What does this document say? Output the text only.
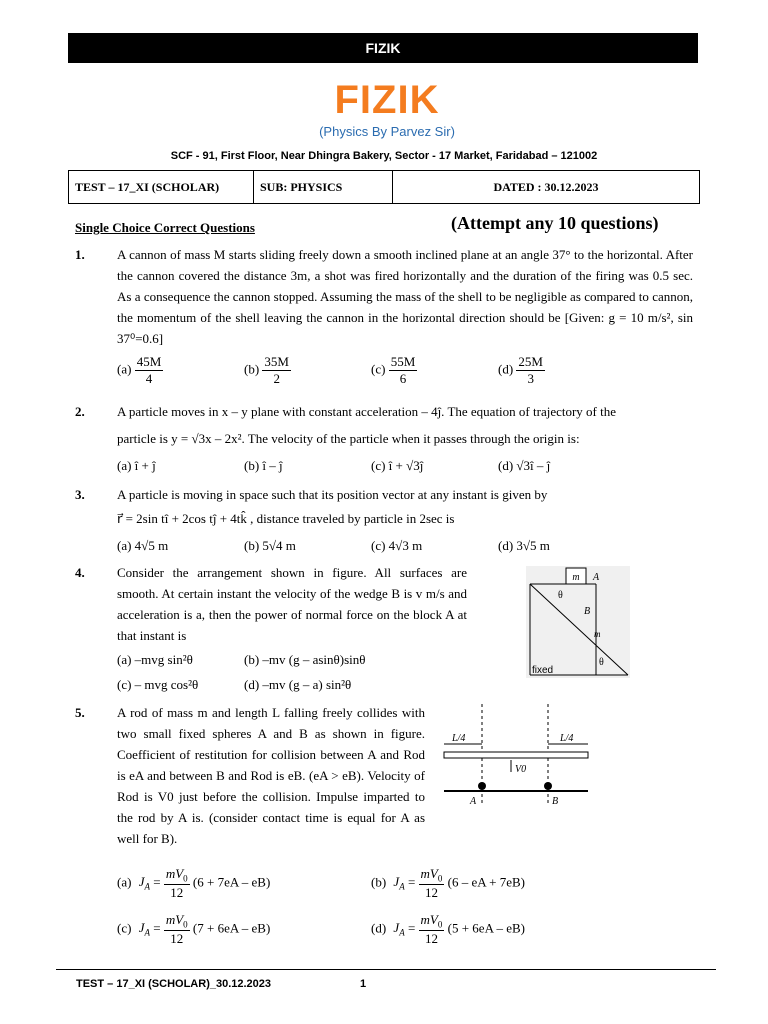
FIZIK
FIZIK
(Physics By Parvez Sir)
SCF - 91, First Floor, Near Dhingra Bakery, Sector - 17 Market, Faridabad – 121002
TEST – 17_XI (SCHOLAR)	SUB: PHYSICS	DATED : 30.12.2023
Single Choice Correct Questions	(Attempt any 10 questions)
1. A cannon of mass M starts sliding freely down a smooth inclined plane at an angle 37° to the horizontal. After the cannon covered the distance 3m, a shot was fired horizontally and the duration of the firing was 0.5 sec. As a consequence the cannon stopped. Assuming the mass of the shell to be negligible as compared to cannon, the momentum of the shell leaving the cannon in the horizontal direction should be [Given: g = 10 m/s², sin 37⁰=0.6]
$(a) \frac{45M}{4}$	$(b) \frac{35M}{2}$	$(c) \frac{55M}{6}$	$(d) \frac{25M}{3}$
2. A particle moves in x – y plane with constant acceleration – 4ĵ. The equation of trajectory of the
particle is y = √3x – 2x². The velocity of the particle when it passes through the origin is:
(a) î + ĵ	(b) î – ĵ	(c) î + √3ĵ	(d) √3î – ĵ
3. A particle is moving in space such that its position vector at any instant is given by
r⃗ = 2sin tî + 2cos tĵ + 4tk̂ , distance traveled by particle in 2sec is
(a) 4√5 m	(b) 5√4 m	(c) 4√3 m	(d) 3√5 m
4. Consider the arrangement shown in figure. All surfaces are smooth. At certain instant the velocity of the wedge B is v m/s and acceleration is a, then the power of normal force on the block A at that instant is
(a) –mvg sin²θ	(b) –mv (g – asinθ)sinθ
(c) – mvg cos²θ	(d) –mv (g – a) sin²θ
m A
θ
B
m
θ
fixed
5. A rod of mass m and length L falling freely collides with two small fixed spheres A and B as shown in figure. Coefficient of restitution for collision between A and Rod is eA and between B and Rod is eB. (eA > eB). Velocity of Rod is V0 just before the collision. Impulse imparted to the rod by A is. (consider contact time is equal for A as well for B).
L/4	L/4
V0
A	B
(a) $J_A = \frac{mV_0}{12} (6 + 7eA - eB)$	(b) $J_A = \frac{mV_0}{12} (6$ – eA + 7eB)
(c) $J_A = \frac{mV_0}{12} (7 + 6eA - eB)$	(d) $J_A = \frac{mV_0}{12} (5 + 6eA - eB)$
TEST – 17_XI (SCHOLAR)_30.12.2023	1
